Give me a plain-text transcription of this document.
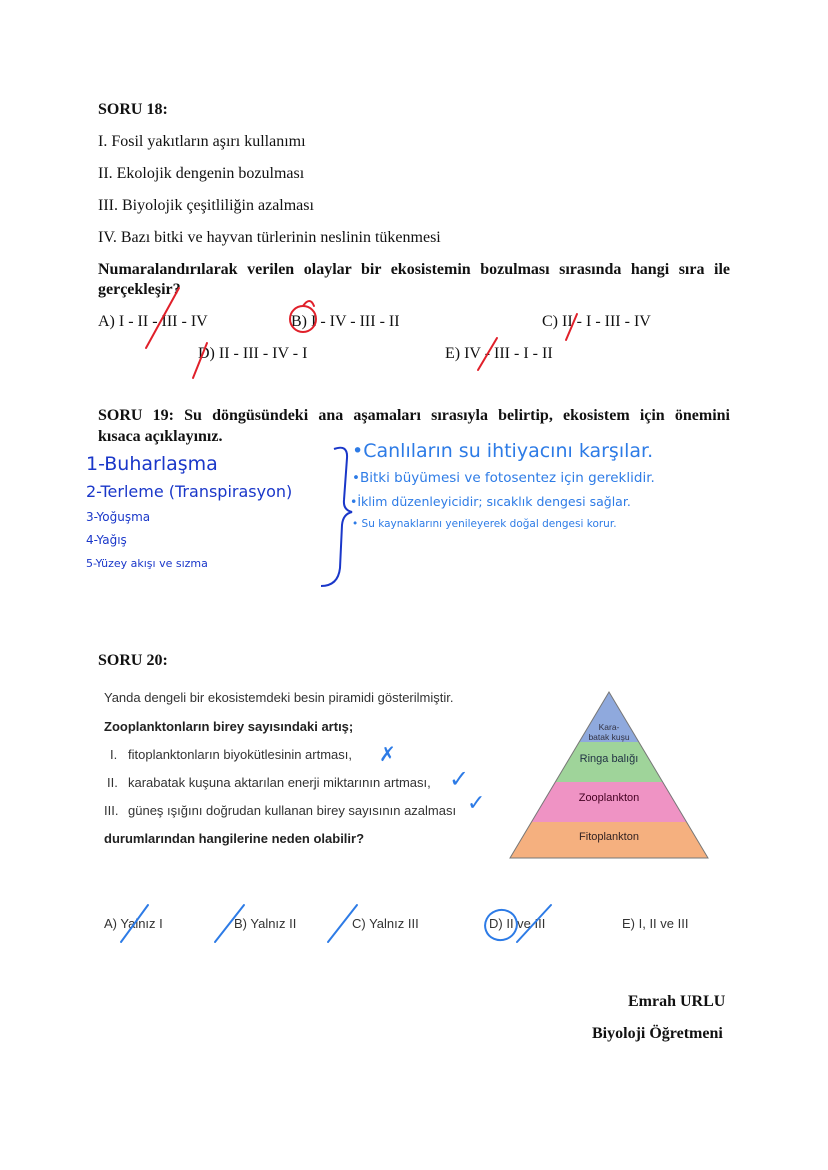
SORU 18:
I. Fosil yakıtların aşırı kullanımı
II. Ekolojik dengenin bozulması
III. Biyolojik çeşitliliğin azalması
IV. Bazı bitki ve hayvan türlerinin neslinin tükenmesi
Numaralandırılarak verilen olaylar bir ekosistemin bozulması sırasında hangi sıra ile
gerçekleşir?
A) I - II - III - IV	B) I - IV - III - II	C) II - I - III - IV
D) II - III - IV - I	E) IV - III - I - II
SORU 19: Su döngüsündeki ana aşamaları sırasıyla belirtip, ekosistem için önemini
kısaca açıklayınız.
1-Buharlaşma
2-Terleme (Transpirasyon)
3-Yoğuşma
4-Yağış
5-Yüzey akışı ve sızma
•Canlıların su ihtiyacını karşılar.
•Bitki büyümesi ve fotosentez için gereklidir.
•İklim düzenleyicidir; sıcaklık dengesi sağlar.
• Su kaynaklarını yenileyerek doğal dengesi korur.
SORU 20:
Yanda dengeli bir ekosistemdeki besin piramidi gösterilmiştir.
Zooplanktonların birey sayısındaki artış;
I. fitoplanktonların biyokütlesinin artması,
II. karabatak kuşuna aktarılan enerji miktarının artması,
III. güneş ışığını doğrudan kullanan birey sayısının azalması
durumlarından hangilerine neden olabilir?
✗
✓
✓
Kara-
batak kuşu
Ringa balığı
Zooplankton
Fitoplankton
A) Yalnız I	B) Yalnız II	C) Yalnız III	D) II ve III	E) I, II ve III
Emrah URLU
Biyoloji Öğretmeni
